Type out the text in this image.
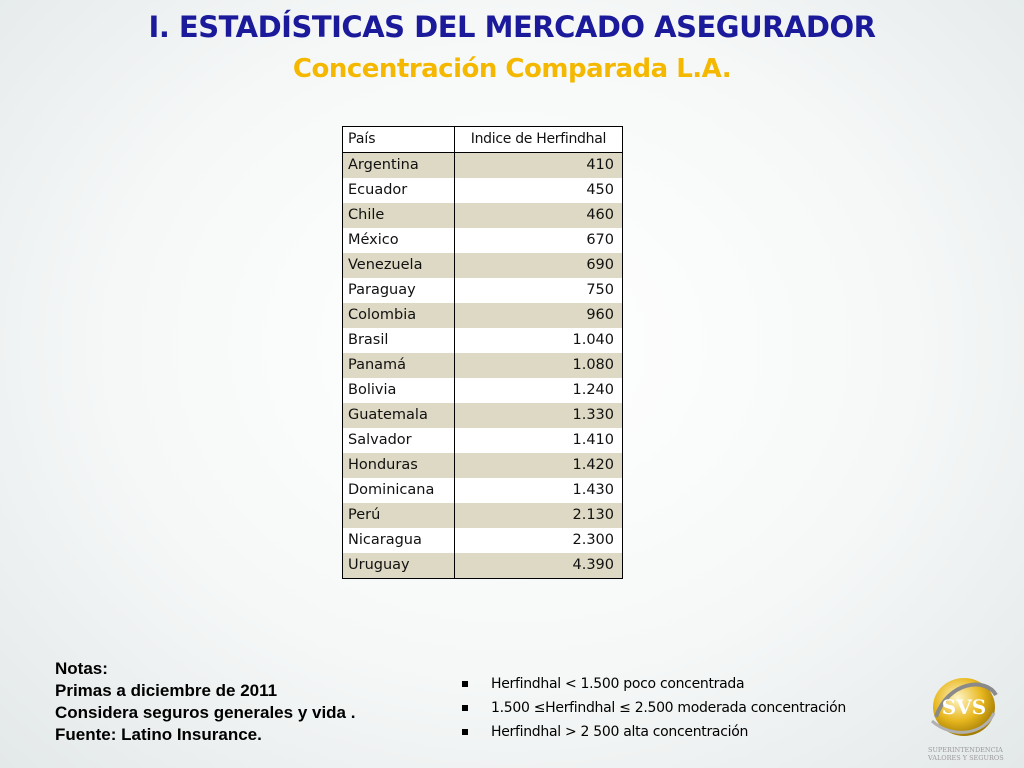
I. ESTADÍSTICAS DEL MERCADO ASEGURADOR
Concentración Comparada L.A.
País	Indice de Herfindhal
Argentina	410
Ecuador	450
Chile	460
México	670
Venezuela	690
Paraguay	750
Colombia	960
Brasil	1.040
Panamá	1.080
Bolivia	1.240
Guatemala	1.330
Salvador	1.410
Honduras	1.420
Dominicana	1.430
Perú	2.130
Nicaragua	2.300
Uruguay	4.390
Notas:
Primas a diciembre de 2011
Considera seguros generales y vida .
Fuente: Latino Insurance.
Herfindhal < 1.500 poco concentrada
1.500 ≤Herfindhal ≤ 2.500 moderada concentración
Herfindhal > 2 500 alta concentración
SVS
SUPERINTENDENCIA
VALORES Y SEGUROS
